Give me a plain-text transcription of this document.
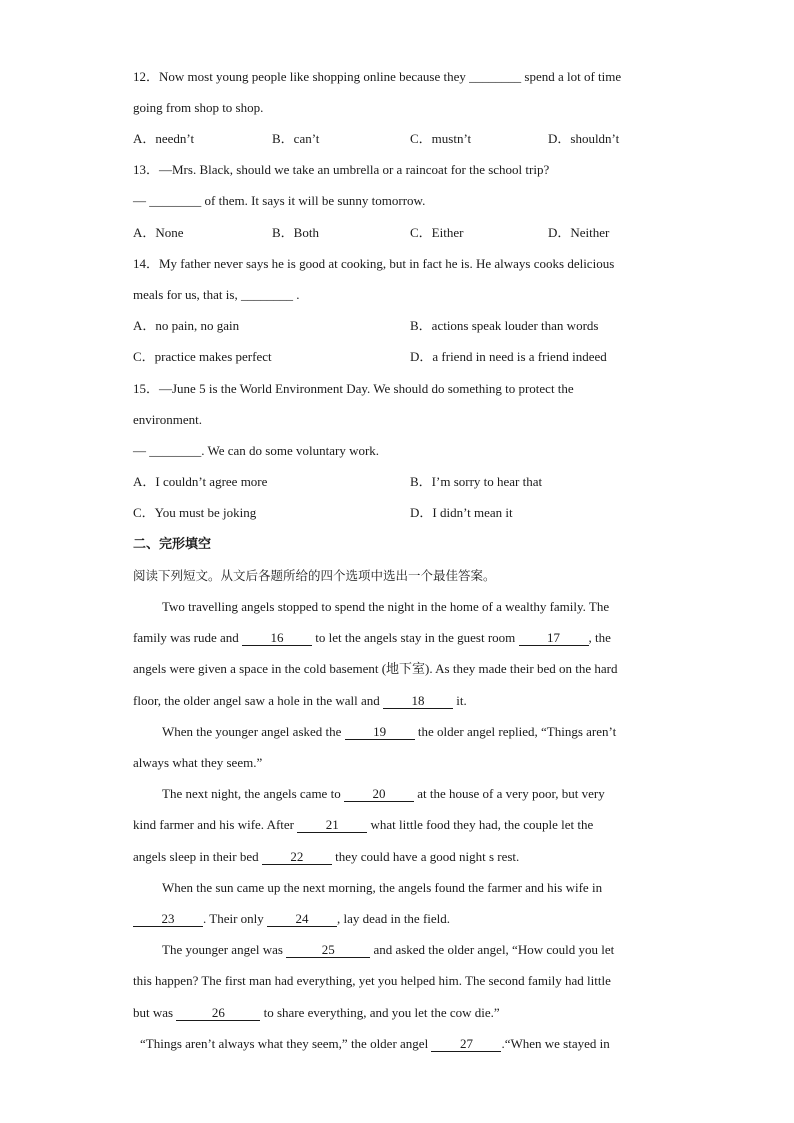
12．Now most young people like shopping online because they ________ spend a lot of time
going from shop to shop.
A．needn’t	B．can’t	C．mustn’t	D．shouldn’t
13．—Mrs. Black, should we take an umbrella or a raincoat for the school trip?
— ________ of them. It says it will be sunny tomorrow.
A．None	B．Both	C．Either	D．Neither
14．My father never says he is good at cooking, but in fact he is. He always cooks delicious
meals for us, that is, ________ .
A．no pain, no gain	B．actions speak louder than words
C．practice makes perfect	D．a friend in need is a friend indeed
15．—June 5 is the World Environment Day. We should do something to protect the
environment.
— ________. We can do some voluntary work.
A．I couldn’t agree more	B．I’m sorry to hear that
C．You must be joking	D．I didn’t mean it
二、完形填空
阅读下列短文。从文后各题所给的四个选项中选出一个最佳答案。
Two travelling angels stopped to spend the night in the home of a wealthy family. The
family was rude and 16 to let the angels stay in the guest room 17 , the
angels were given a space in the cold basement (地下室). As they made their bed on the hard
floor, the older angel saw a hole in the wall and 18 it.
When the younger angel asked the 19 the older angel replied, “Things aren’t
always what they seem.”
The next night, the angels came to 20 at the house of a very poor, but very
kind farmer and his wife. After 21 what little food they had, the couple let the
angels sleep in their bed 22 they could have a good night s rest.
When the sun came up the next morning, the angels found the farmer and his wife in
23 . Their only 24 , lay dead in the field.
The younger angel was	25	and asked the older angel, “How could you let
this happen? The first man had everything, yet you helped him. The second family had little
but was	26	to share everything, and you let the cow die.”
“Things aren’t always what they seem,” the older angel 27 .“When we stayed in
